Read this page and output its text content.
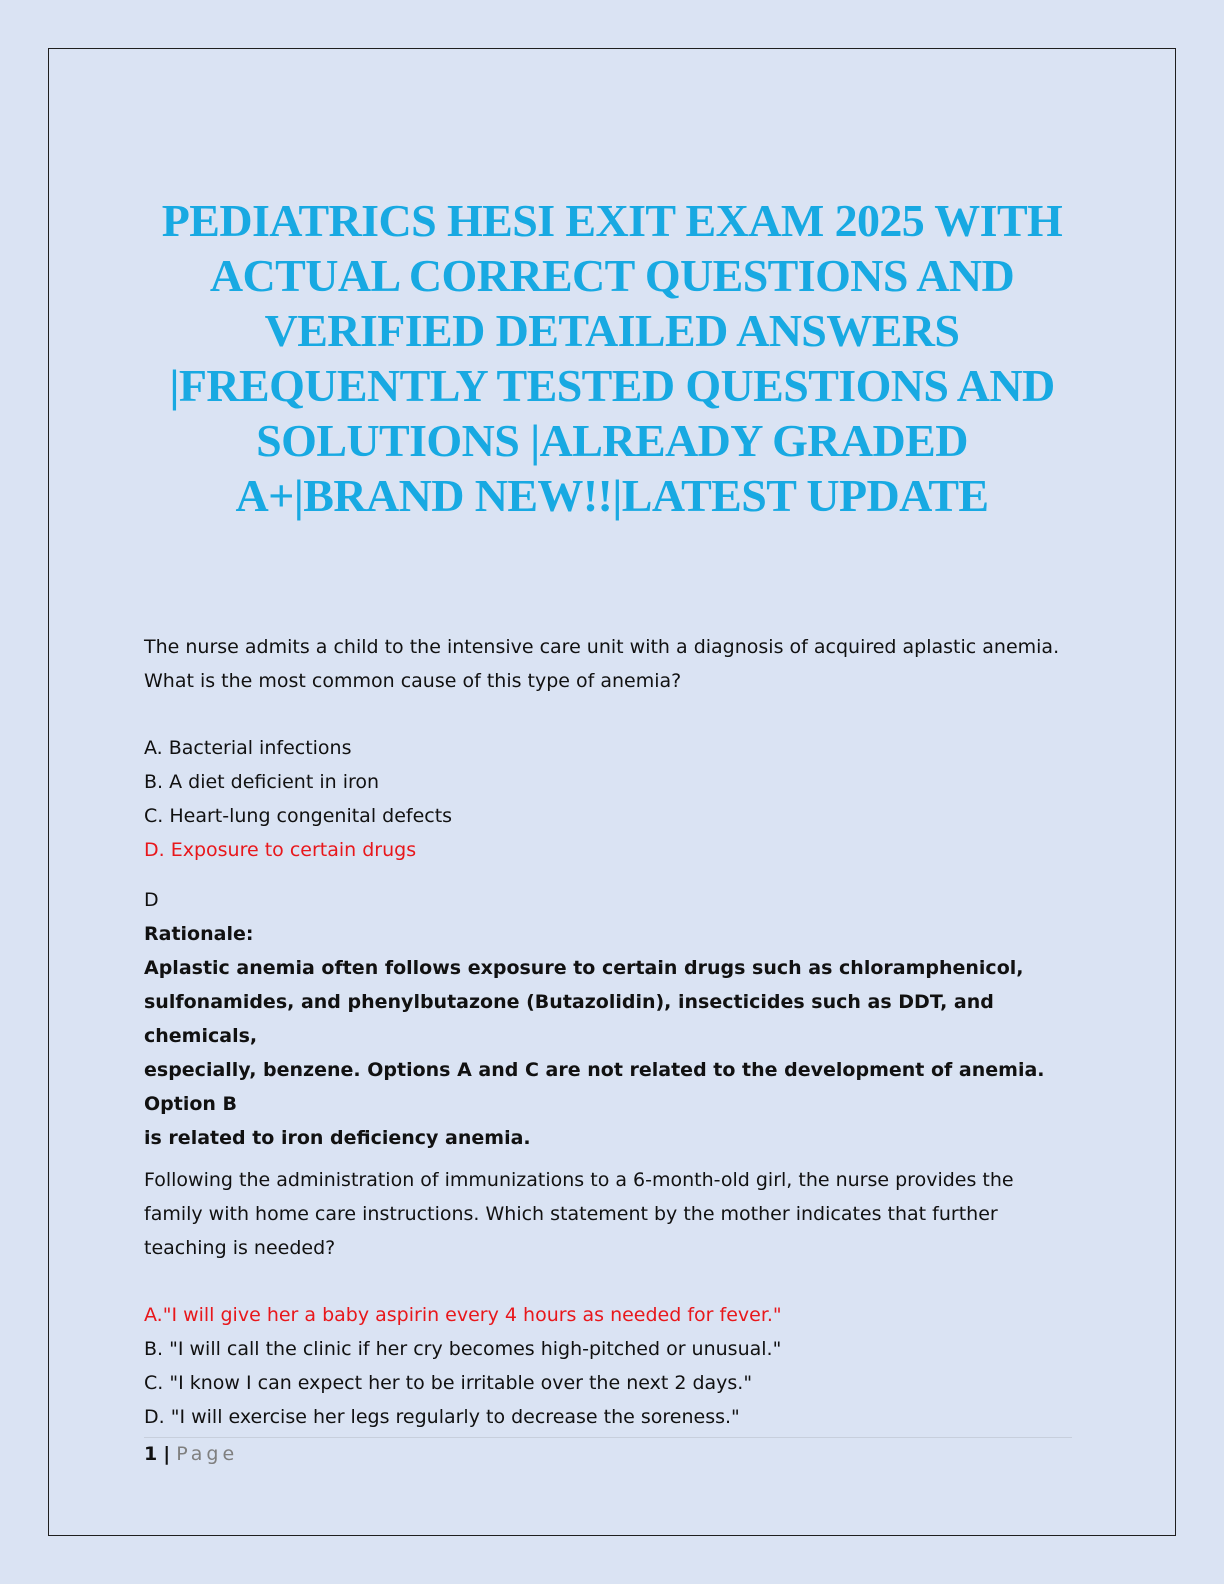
PEDIATRICS HESI EXIT EXAM 2025 WITH
ACTUAL CORRECT QUESTIONS AND
VERIFIED DETAILED ANSWERS
|FREQUENTLY TESTED QUESTIONS AND
SOLUTIONS |ALREADY GRADED
A+|BRAND NEW!!|LATEST UPDATE

The nurse admits a child to the intensive care unit with a diagnosis of acquired aplastic anemia.
What is the most common cause of this type of anemia?

A. Bacterial infections
B. A diet deficient in iron
C. Heart-lung congenital defects
D. Exposure to certain drugs

D

Rationale:

Aplastic anemia often follows exposure to certain drugs such as chloramphenicol,
sulfonamides, and phenylbutazone (Butazolidin), insecticides such as DDT, and chemicals,
especially, benzene. Options A and C are not related to the development of anemia. Option B
is related to iron deficiency anemia.

Following the administration of immunizations to a 6-month-old girl, the nurse provides the
family with home care instructions. Which statement by the mother indicates that further
teaching is needed?

A."I will give her a baby aspirin every 4 hours as needed for fever."
B. "I will call the clinic if her cry becomes high-pitched or unusual."
C. "I know I can expect her to be irritable over the next 2 days."
D. "I will exercise her legs regularly to decrease the soreness."
1 | Page
